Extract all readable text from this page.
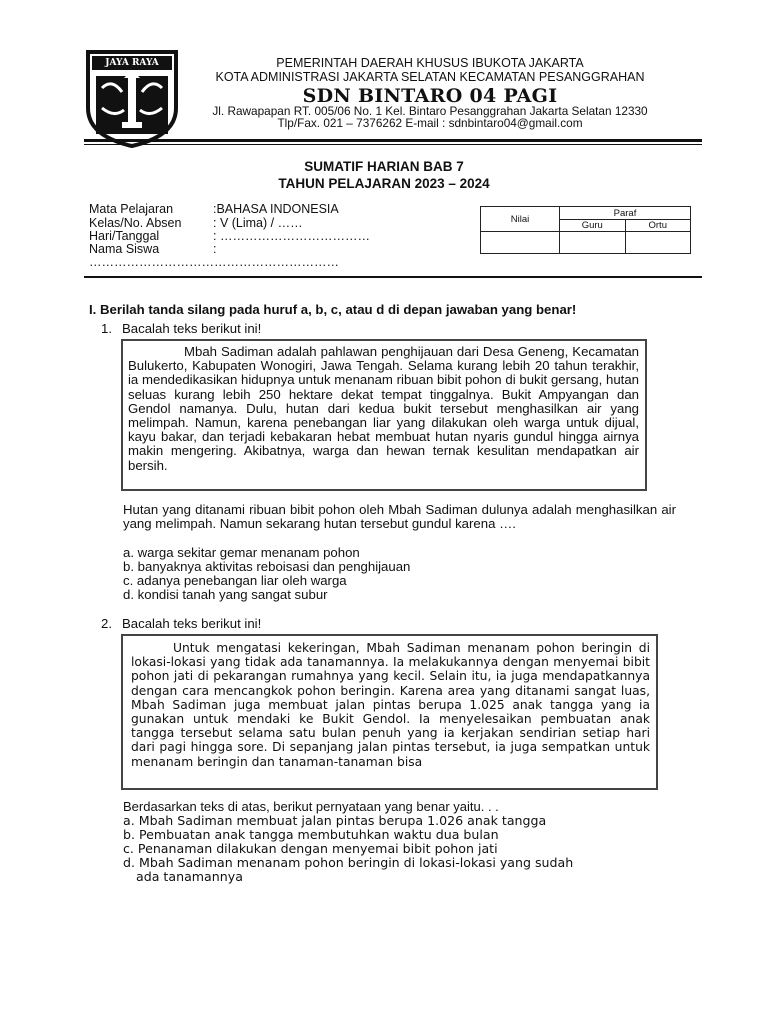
JAYA RAYA	PEMERINTAH DAERAH KHUSUS IBUKOTA JAKARTA
KOTA ADMINISTRASI JAKARTA SELATAN KECAMATAN PESANGGRAHAN
SDN BINTARO 04 PAGI
Jl. Rawapapan RT. 005/06 No. 1 Kel. Bintaro Pesanggrahan Jakarta Selatan 12330
Tlp/Fax. 021 – 7376262 E-mail : sdnbintaro04@gmail.com
SUMATIF HARIAN BAB 7
TAHUN PELAJARAN 2023 – 2024
Mata Pelajaran	:BAHASA INDONESIA
Kelas/No. Absen	: V (Lima) / ……
Hari/Tanggal	: ………………………………
Nama Siswa	:
……………………………………………………
Nilai	Paraf	
	Guru	Ortu

I. Berilah tanda silang pada huruf a, b, c, atau d di depan jawaban yang benar!
1. Bacalah teks berikut ini!
Mbah Sadiman adalah pahlawan penghijauan dari Desa Geneng, Kecamatan Bulukerto, Kabupaten Wonogiri, Jawa Tengah. Selama kurang lebih 20 tahun terakhir, ia mendedikasikan hidupnya untuk menanam ribuan bibit pohon di bukit gersang, hutan seluas kurang lebih 250 hektare dekat tempat tinggalnya. Bukit Ampyangan dan Gendol namanya. Dulu, hutan dari kedua bukit tersebut menghasilkan air yang melimpah. Namun, karena penebangan liar yang dilakukan oleh warga untuk dijual, kayu bakar, dan terjadi kebakaran hebat membuat hutan nyaris gundul hingga airnya makin mengering. Akibatnya, warga dan hewan ternak kesulitan mendapatkan air bersih.
Hutan yang ditanami ribuan bibit pohon oleh Mbah Sadiman dulunya adalah menghasilkan air yang melimpah. Namun sekarang hutan tersebut gundul karena ….
a. warga sekitar gemar menanam pohon
b. banyaknya aktivitas reboisasi dan penghijauan
c. adanya penebangan liar oleh warga
d. kondisi tanah yang sangat subur
2. Bacalah teks berikut ini!
Untuk mengatasi kekeringan, Mbah Sadiman menanam pohon beringin di lokasi-lokasi yang tidak ada tanamannya. Ia melakukannya dengan menyemai bibit pohon jati di pekarangan rumahnya yang kecil. Selain itu, ia juga mendapatkannya dengan cara mencangkok pohon beringin. Karena area yang ditanami sangat luas, Mbah Sadiman juga membuat jalan pintas berupa 1.025 anak tangga yang ia gunakan untuk mendaki ke Bukit Gendol. Ia menyelesaikan pembuatan anak tangga tersebut selama satu bulan penuh yang ia kerjakan sendirian setiap hari dari pagi hingga sore. Di sepanjang jalan pintas tersebut, ia juga sempatkan untuk menanam beringin dan tanaman-tanaman bisa
Berdasarkan teks di atas, berikut pernyataan yang benar yaitu. . .
a. Mbah Sadiman membuat jalan pintas berupa 1.026 anak tangga
b. Pembuatan anak tangga membutuhkan waktu dua bulan
c. Penanaman dilakukan dengan menyemai bibit pohon jati
d. Mbah Sadiman menanam pohon beringin di lokasi-lokasi yang sudah
ada tanamannya
